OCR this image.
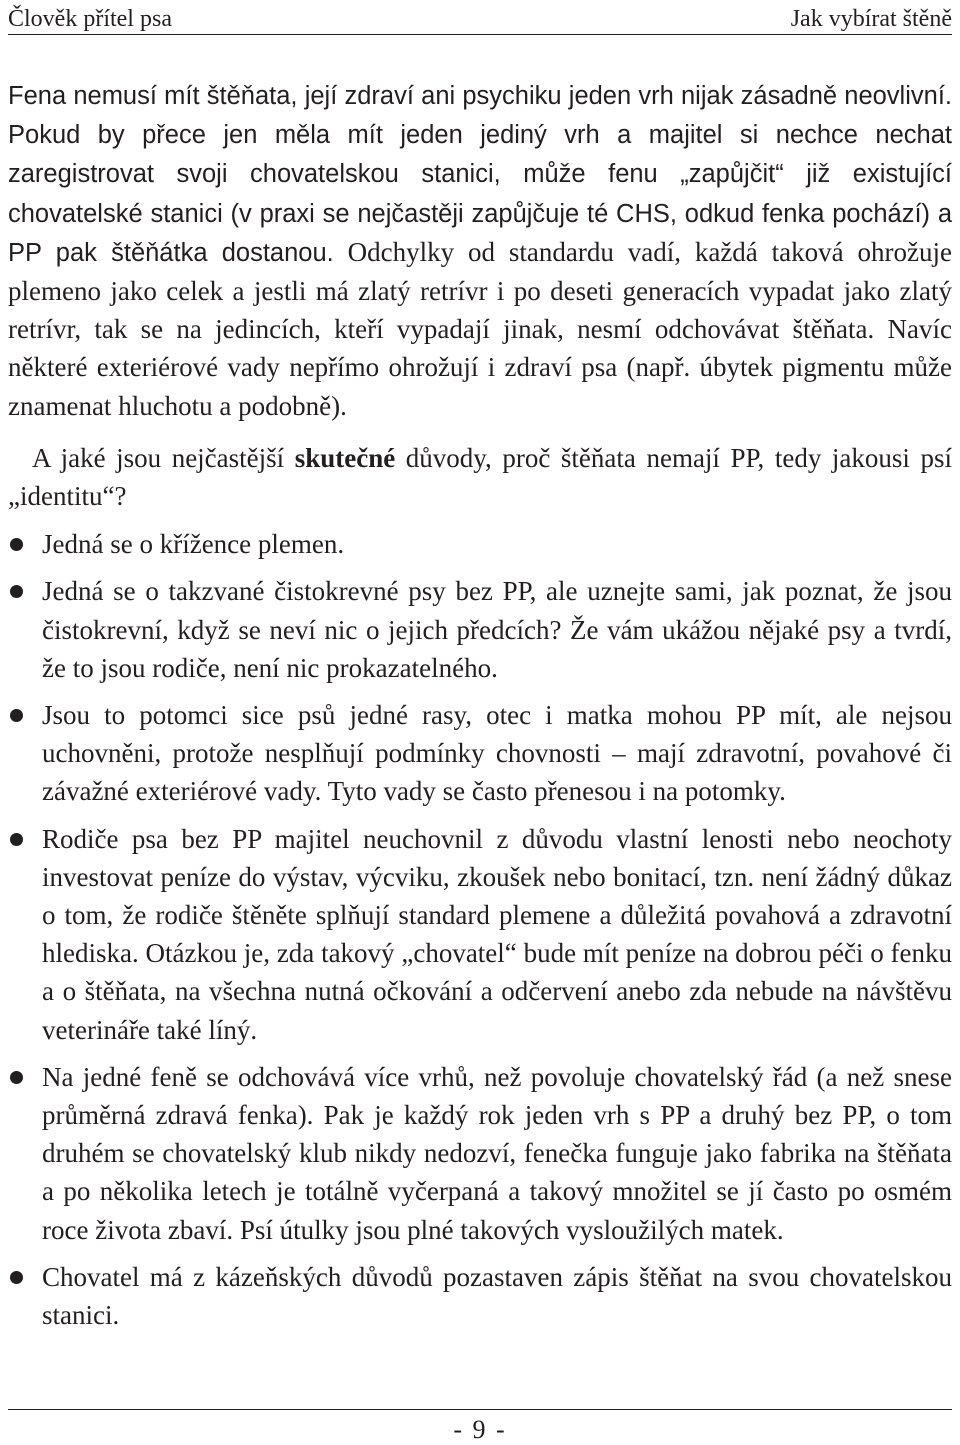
Člověk přítel psa	Jak vybírat štěně

Fena nemusí mít štěňata, její zdraví ani psychiku jeden vrh nijak zásadně neovlivní. Pokud by přece jen měla mít jeden jediný vrh a majitel si nechce nechat zaregistrovat svoji chovatelskou stanici, může fenu „zapůjčit“ již existující chovatelské stanici (v praxi se nejčastěji zapůjčuje té CHS, odkud fenka pochází) a PP pak štěňátka dostanou. Odchylky od standardu vadí, každá taková ohrožuje plemeno jako celek a jestli má zlatý retrívr i po deseti generacích vypadat jako zlatý retrívr, tak se na jedincích, kteří vypadají jinak, nesmí odchovávat štěňata. Navíc některé exteriérové vady nepřímo ohrožují i zdraví psa (např. úbytek pigmentu může znamenat hluchotu a podobně).

A jaké jsou nejčastější skutečné důvody, proč štěňata nemají PP, tedy jakousi psí „identitu“?

Jedná se o křížence plemen.
Jedná se o takzvané čistokrevné psy bez PP, ale uznejte sami, jak poznat, že jsou čistokrevní, když se neví nic o jejich předcích? Že vám ukážou nějaké psy a tvrdí, že to jsou rodiče, není nic prokazatelného.
Jsou to potomci sice psů jedné rasy, otec i matka mohou PP mít, ale nejsou uchovněni, protože nesplňují podmínky chovnosti – mají zdravotní, povahové či závažné exteriérové vady. Tyto vady se často přenesou i na potomky.
Rodiče psa bez PP majitel neuchovnil z důvodu vlastní lenosti nebo neochoty investovat peníze do výstav, výcviku, zkoušek nebo bonitací, tzn. není žádný důkaz o tom, že rodiče štěněte splňují standard plemene a důležitá povahová a zdravotní hlediska. Otázkou je, zda takový „chovatel“ bude mít peníze na dobrou péči o fenku a o štěňata, na všechna nutná očkování a odčervení anebo zda nebude na návštěvu veterináře také líný.
Na jedné feně se odchovává více vrhů, než povoluje chovatelský řád (a než snese průměrná zdravá fenka). Pak je každý rok jeden vrh s PP a druhý bez PP, o tom druhém se chovatelský klub nikdy nedozví, fenečka funguje jako fabrika na štěňata a po několika letech je totálně vyčerpaná a takový množitel se jí často po osmém roce života zbaví. Psí útulky jsou plné takových vysloužilých matek.
Chovatel má z kázeňských důvodů pozastaven zápis štěňat na svou chovatelskou stanici.
- 9 -
